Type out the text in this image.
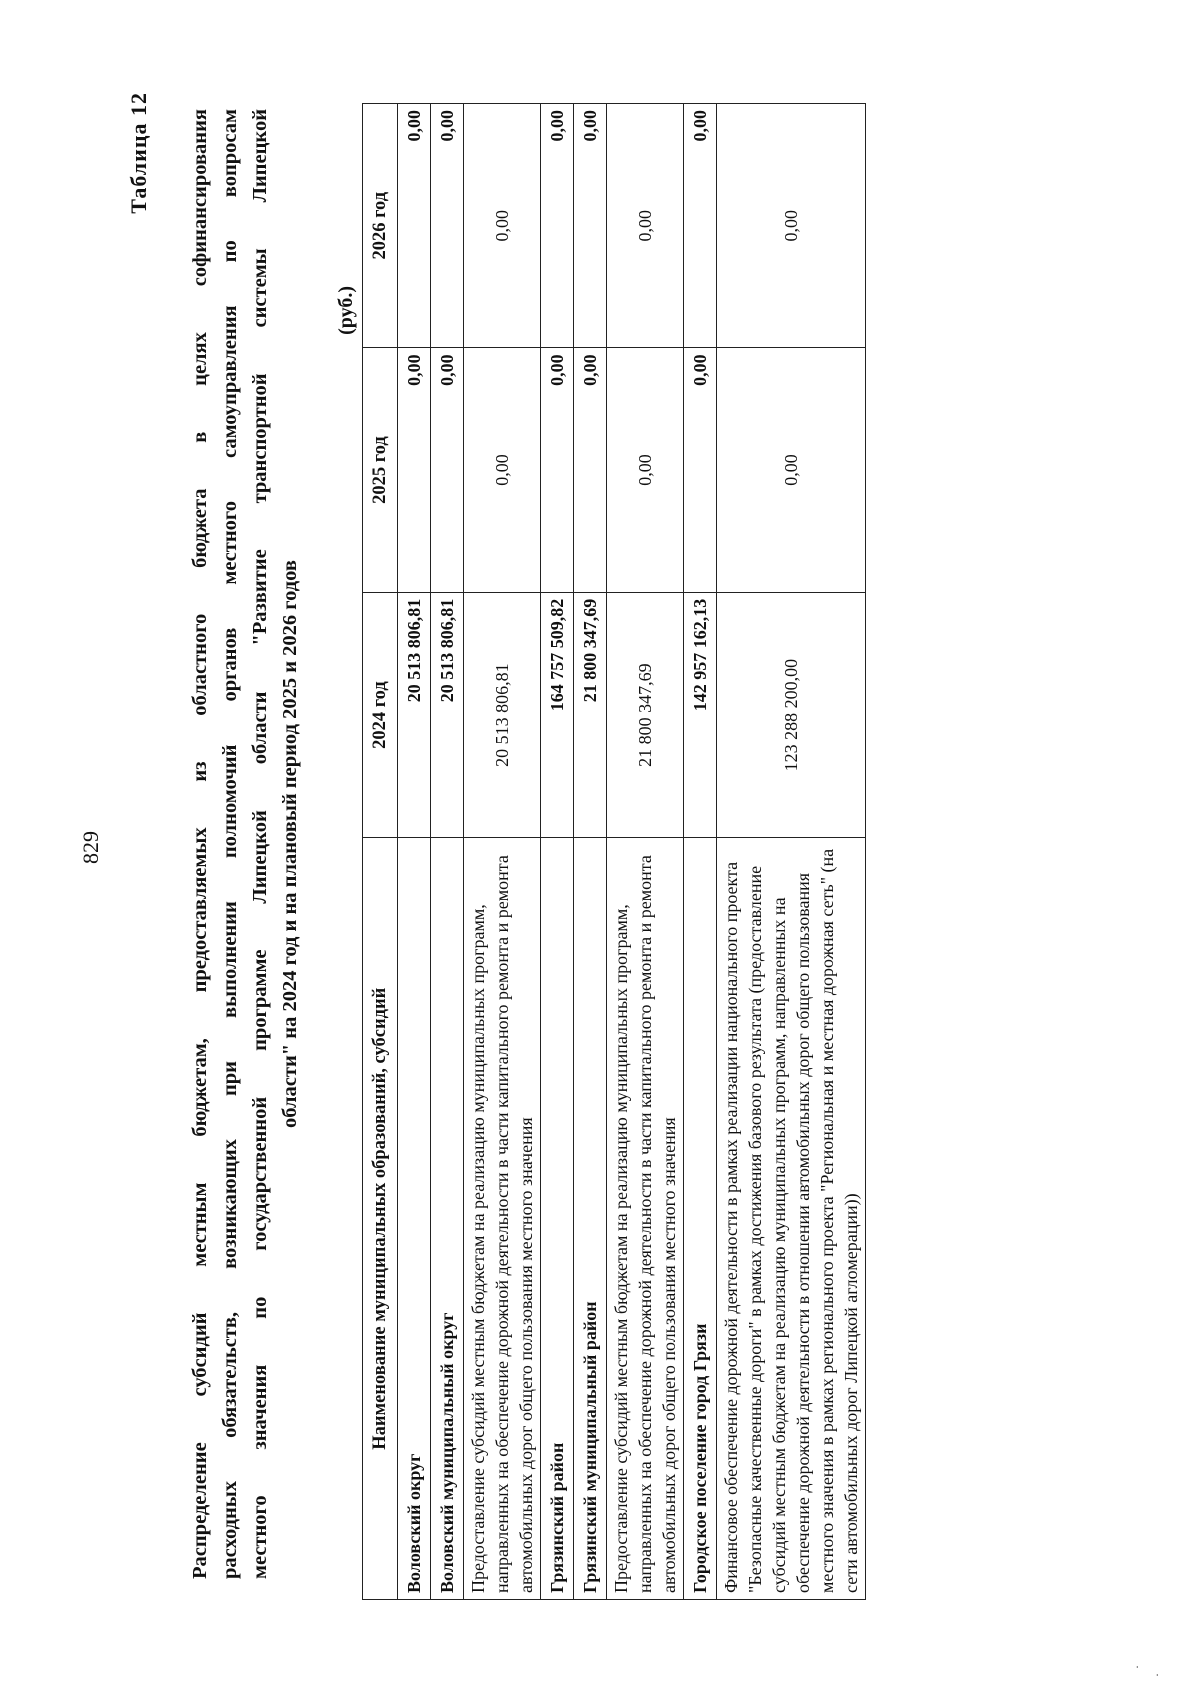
829
Таблица 12 Распределение субсидий местным бюджетам, предоставляемых из областного бюджета в целях софинансирования расходных обязательств, возникающих при выполнении полномочий органов местного самоуправления по вопросам местного значения по государственной программе Липецкой области "Развитие транспортной системы Липецкой области" на 2024 год и на плановый период 2025 и 2026 годов
(руб.)
Наименование муниципальных образований, субсидий	2024 год	2025 год	2026 год
Воловский округ	20 513 806,81	0,00	0,00
Воловский муниципальный округ	20 513 806,81	0,00	0,00
Предоставление субсидий местным бюджетам на реализацию муниципальных программ, направленных на обеспечение дорожной деятельности в части капитального ремонта и ремонта автомобильных дорог общего пользования местного значения	20 513 806,81	0,00	0,00
Грязинский район	164 757 509,82	0,00	0,00
Грязинский муниципальный район	21 800 347,69	0,00	0,00
Предоставление субсидий местным бюджетам на реализацию муниципальных программ, направленных на обеспечение дорожной деятельности в части капитального ремонта и ремонта автомобильных дорог общего пользования местного значения	21 800 347,69	0,00	0,00
Городское поселение город Грязи	142 957 162,13	0,00	0,00
Финансовое обеспечение дорожной деятельности в рамках реализации национального проекта "Безопасные качественные дороги" в рамках достижения базового результата (предоставление субсидий местным бюджетам на реализацию муниципальных программ, направленных на обеспечение дорожной деятельности в отношении автомобильных дорог общего пользования местного значения в рамках регионального проекта "Региональная и местная дорожная сеть" (на сети автомобильных дорог Липецкой агломерации))	123 288 200,00	0,00	0,00
·
·
